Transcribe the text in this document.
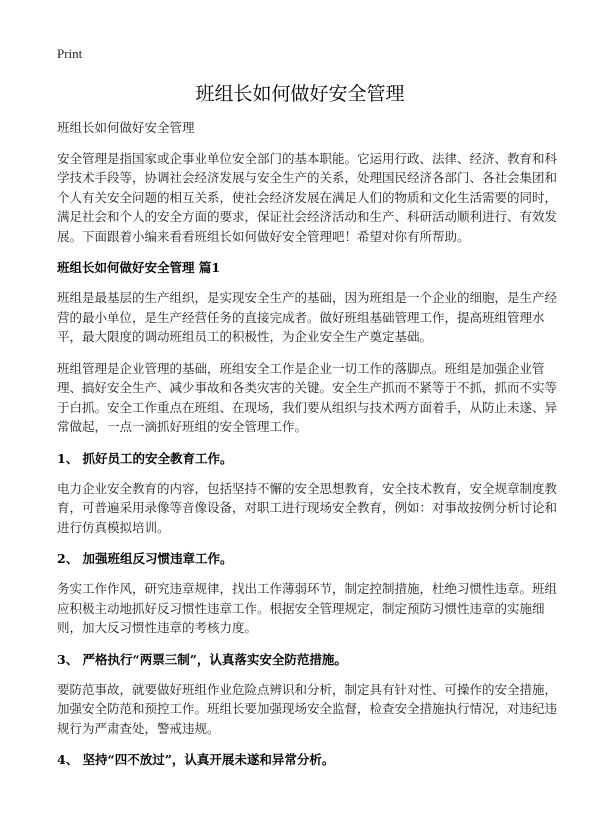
Print
班组长如何做好安全管理

班组长如何做好安全管理

安全管理是指国家或企事业单位安全部门的基本职能。它运用行政、法律、经济、教育和科学技术手段等，协调社会经济发展与安全生产的关系，处理国民经济各部门、各社会集团和个人有关安全问题的相互关系，使社会经济发展在满足人们的物质和文化生活需要的同时，满足社会和个人的安全方面的要求，保证社会经济活动和生产、科研活动顺利进行、有效发展。下面跟着小编来看看班组长如何做好安全管理吧！希望对你有所帮助。

班组长如何做好安全管理 篇1

班组是最基层的生产组织，是实现安全生产的基础，因为班组是一个企业的细胞，是生产经营的最小单位，是生产经营任务的直接完成者。做好班组基础管理工作，提高班组管理水平，最大限度的调动班组员工的积极性，为企业安全生产奠定基础。

班组管理是企业管理的基础，班组安全工作是企业一切工作的落脚点。班组是加强企业管理、搞好安全生产、减少事故和各类灾害的关键。安全生产抓而不紧等于不抓，抓而不实等于白抓。安全工作重点在班组、在现场，我们要从组织与技术两方面着手，从防止未遂、异常做起，一点一滴抓好班组的安全管理工作。

1、 抓好员工的安全教育工作。

电力企业安全教育的内容，包括坚持不懈的安全思想教育，安全技术教育，安全规章制度教育，可普遍采用录像等音像设备，对职工进行现场安全教育，例如：对事故按例分析讨论和进行仿真模拟培训。

2、 加强班组反习惯违章工作。

务实工作作风，研究违章规律，找出工作薄弱环节，制定控制措施，杜绝习惯性违章。班组应积极主动地抓好反习惯性违章工作。根据安全管理规定，制定预防习惯性违章的实施细则，加大反习惯性违章的考核力度。

3、 严格执行“两票三制”，认真落实安全防范措施。

要防范事故，就要做好班组作业危险点辨识和分析，制定具有针对性、可操作的安全措施，加强安全防范和预控工作。班组长要加强现场安全监督，检查安全措施执行情况，对违纪违规行为严肃查处，警戒违规。

4、 坚持“四不放过”，认真开展未遂和异常分析。
